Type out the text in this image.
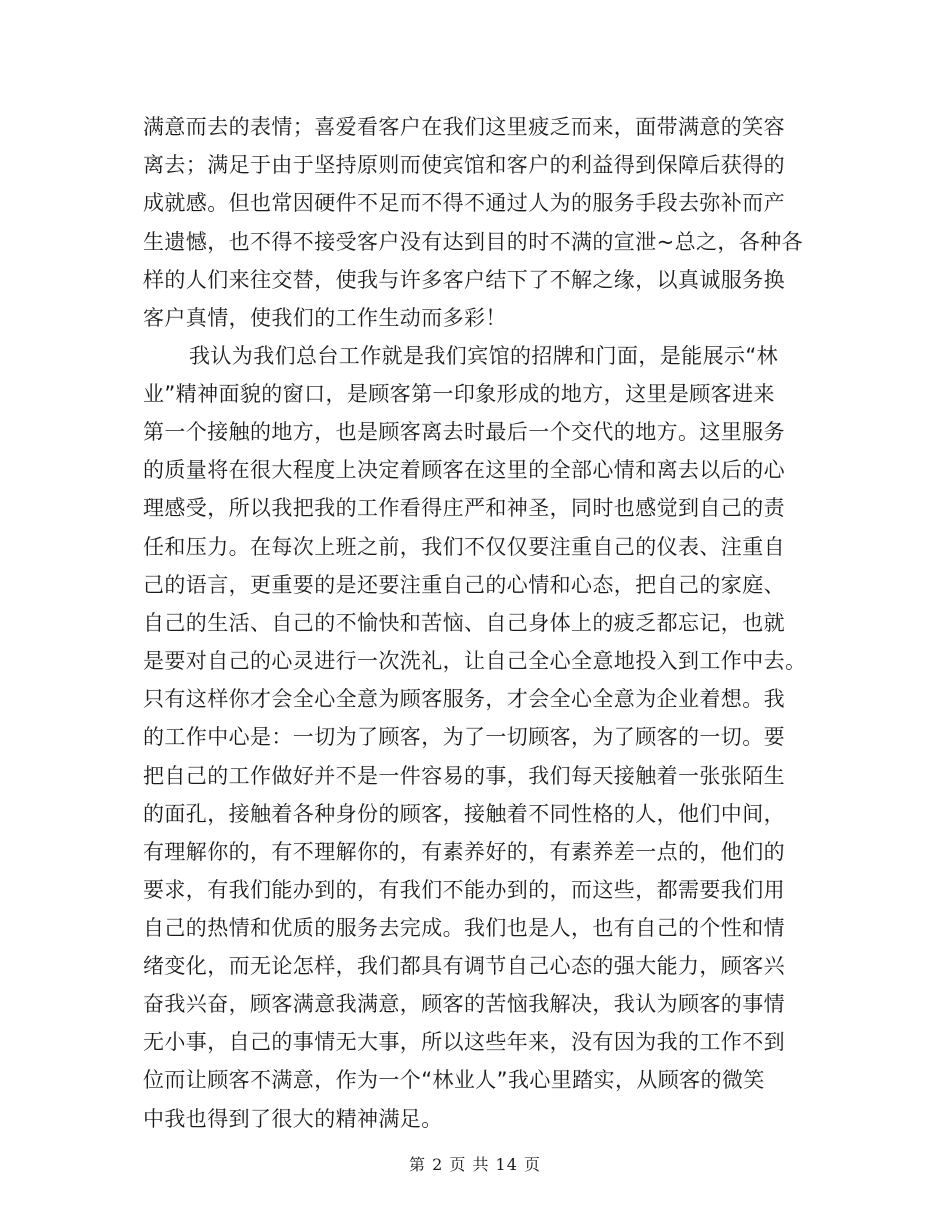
满意而去的表情；喜爱看客户在我们这里疲乏而来，面带满意的笑容
离去；满足于由于坚持原则而使宾馆和客户的利益得到保障后获得的
成就感。但也常因硬件不足而不得不通过人为的服务手段去弥补而产
生遗憾，也不得不接受客户没有达到目的时不满的宣泄~总之，各种各
样的人们来往交替，使我与许多客户结下了不解之缘，以真诚服务换
客户真情，使我们的工作生动而多彩！
我认为我们总台工作就是我们宾馆的招牌和门面，是能展示“林
业”精神面貌的窗口，是顾客第一印象形成的地方，这里是顾客进来
第一个接触的地方，也是顾客离去时最后一个交代的地方。这里服务
的质量将在很大程度上决定着顾客在这里的全部心情和离去以后的心
理感受，所以我把我的工作看得庄严和神圣，同时也感觉到自己的责
任和压力。在每次上班之前，我们不仅仅要注重自己的仪表、注重自
己的语言，更重要的是还要注重自己的心情和心态，把自己的家庭、
自己的生活、自己的不愉快和苦恼、自己身体上的疲乏都忘记，也就
是要对自己的心灵进行一次洗礼，让自己全心全意地投入到工作中去。
只有这样你才会全心全意为顾客服务，才会全心全意为企业着想。我
的工作中心是：一切为了顾客，为了一切顾客，为了顾客的一切。要
把自己的工作做好并不是一件容易的事，我们每天接触着一张张陌生
的面孔，接触着各种身份的顾客，接触着不同性格的人，他们中间，
有理解你的，有不理解你的，有素养好的，有素养差一点的，他们的
要求，有我们能办到的，有我们不能办到的，而这些，都需要我们用
自己的热情和优质的服务去完成。我们也是人，也有自己的个性和情
绪变化，而无论怎样，我们都具有调节自己心态的强大能力，顾客兴
奋我兴奋，顾客满意我满意，顾客的苦恼我解决，我认为顾客的事情
无小事，自己的事情无大事，所以这些年来，没有因为我的工作不到
位而让顾客不满意，作为一个“林业人”我心里踏实，从顾客的微笑
中我也得到了很大的精神满足。
第 2 页 共 14 页
